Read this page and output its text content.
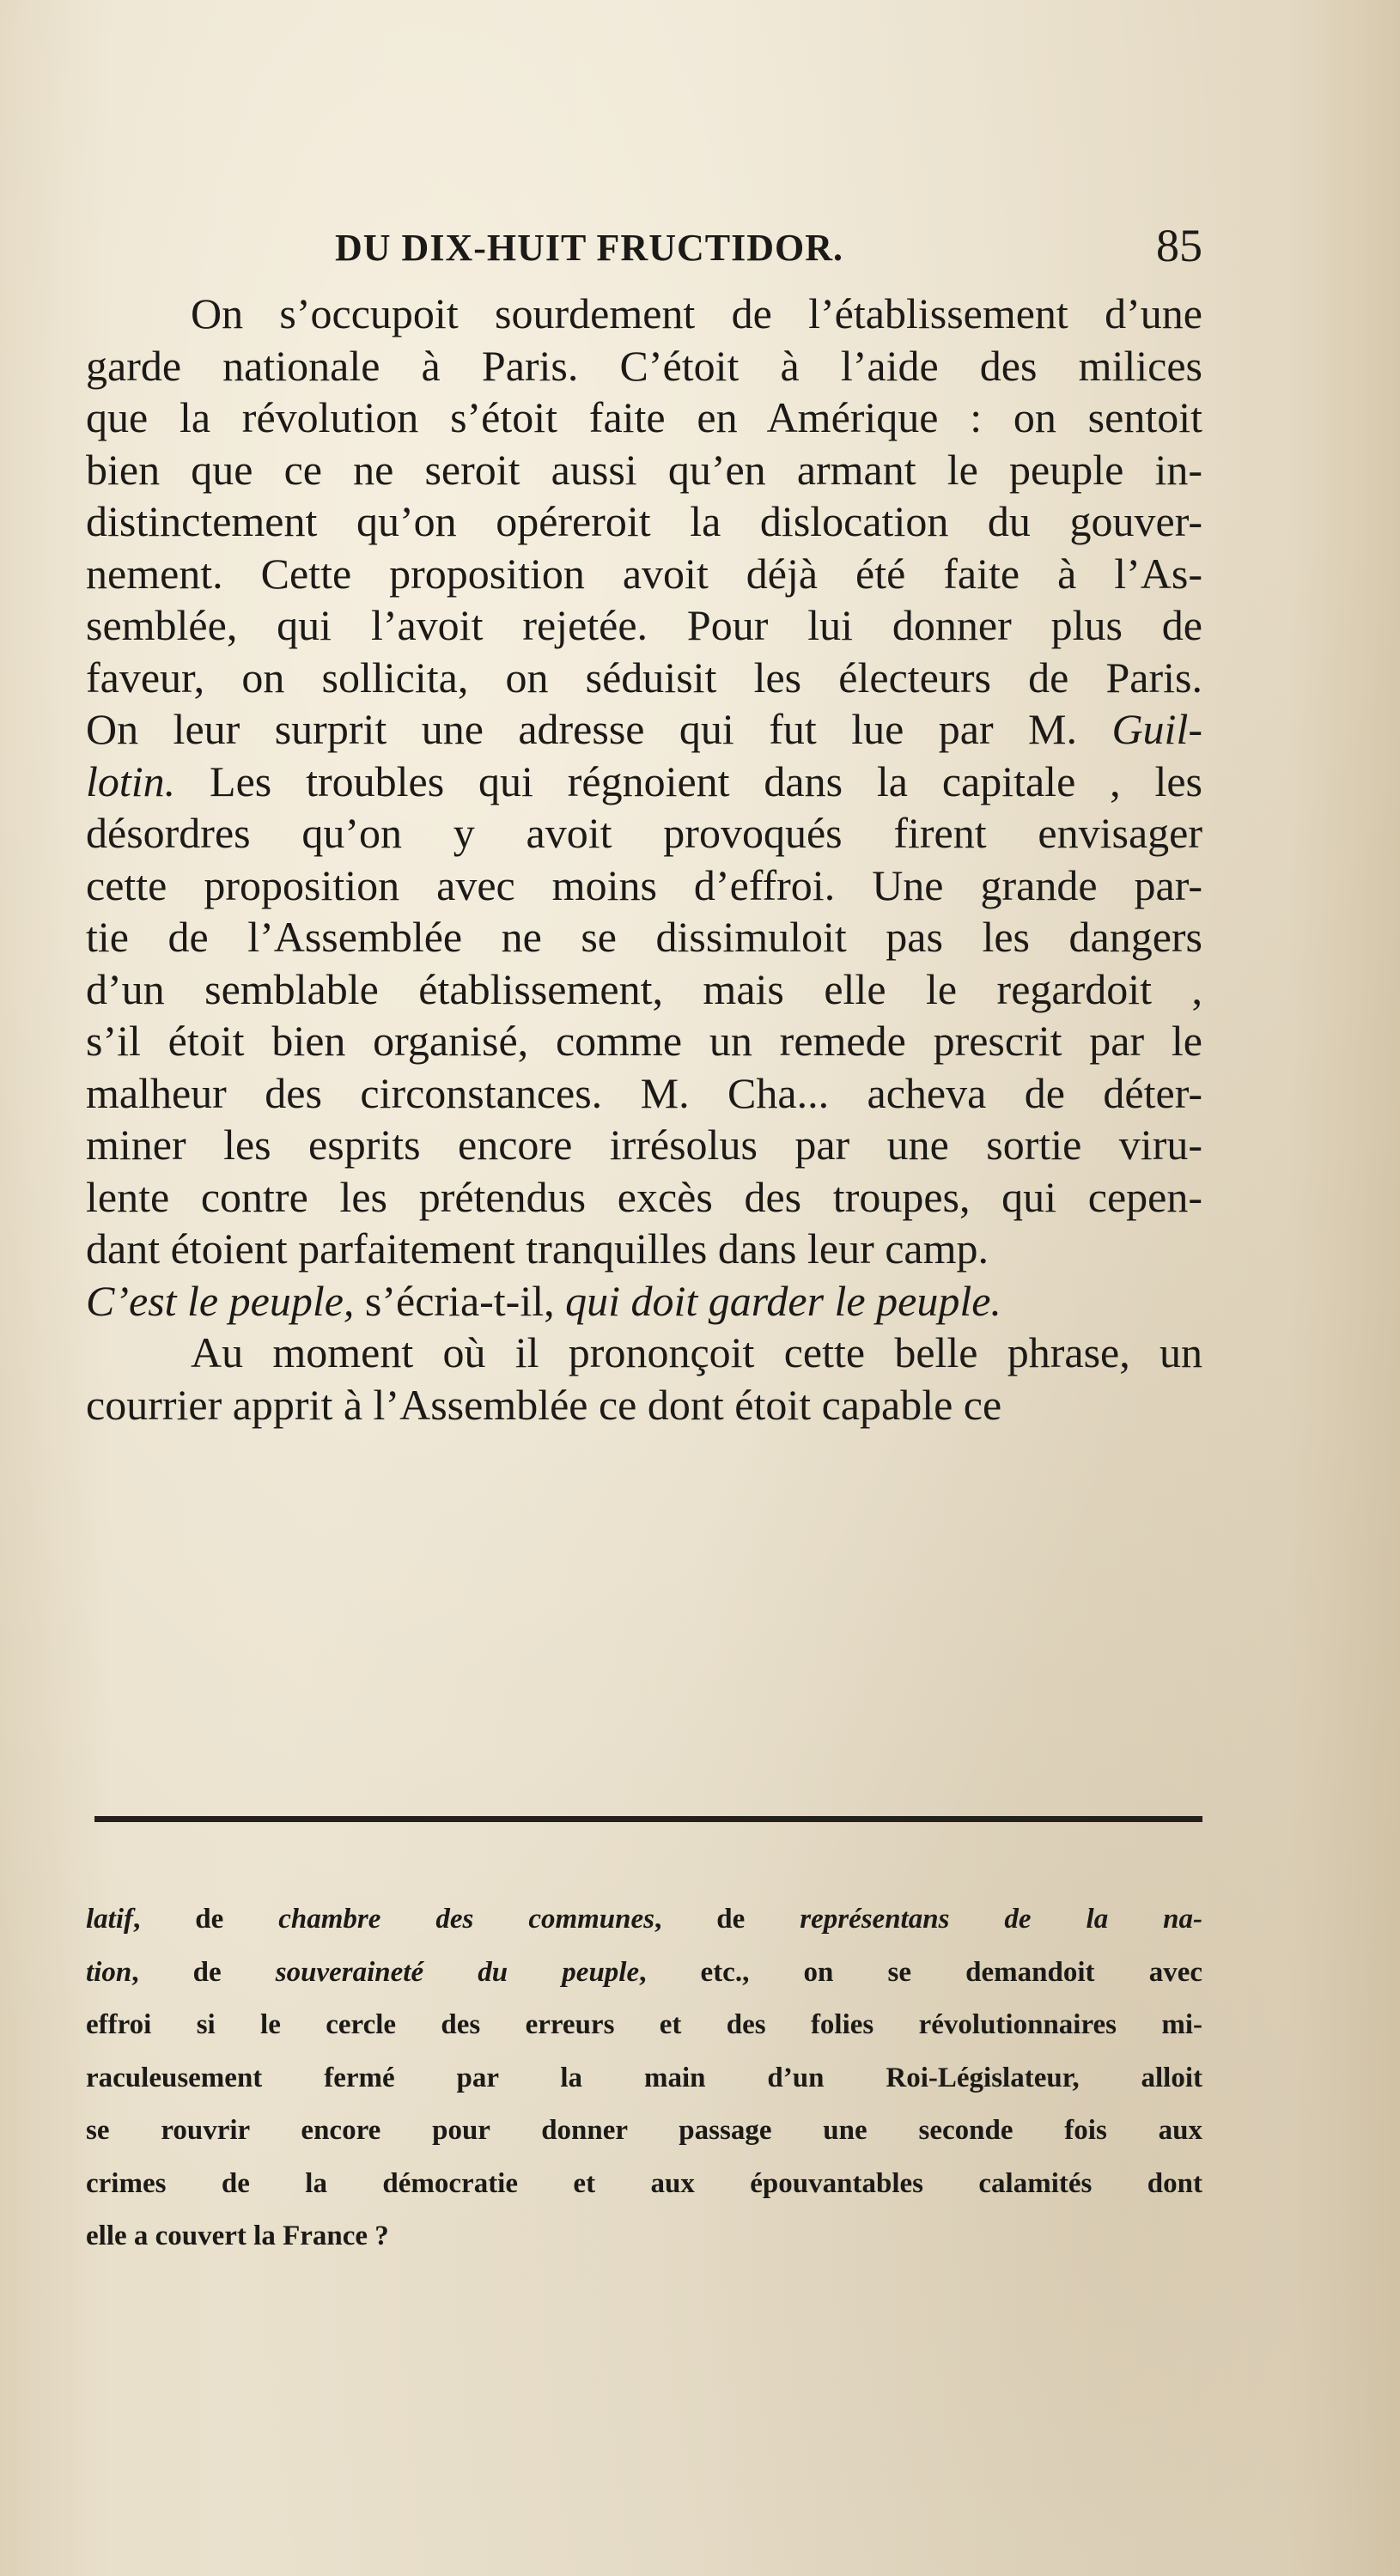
DU DIX-HUIT FRUCTIDOR.	85
On s’occupoit sourdement de l’établissement d’une
garde nationale à Paris. C’étoit à l’aide des milices
que la révolution s’étoit faite en Amérique : on sentoit
bien que ce ne seroit aussi qu’en armant le peuple in-
distinctement qu’on opéreroit la dislocation du gouver-
nement. Cette proposition avoit déjà été faite à l’As-
semblée, qui l’avoit rejetée. Pour lui donner plus de
faveur, on sollicita, on séduisit les électeurs de Paris.
On leur surprit une adresse qui fut lue par M. Guil-
lotin. Les troubles qui régnoient dans la capitale , les
désordres qu’on y avoit provoqués firent envisager
cette proposition avec moins d’effroi. Une grande par-
tie de l’Assemblée ne se dissimuloit pas les dangers
d’un semblable établissement, mais elle le regardoit ,
s’il étoit bien organisé, comme un remede prescrit par le
malheur des circonstances. M. Cha... acheva de déter-
miner les esprits encore irrésolus par une sortie viru-
lente contre les prétendus excès des troupes, qui cepen-
dant étoient parfaitement tranquilles dans leur camp.
C’est le peuple, s’écria-t-il, qui doit garder le peuple.
Au moment où il prononçoit cette belle phrase, un
courrier apprit à l’Assemblée ce dont étoit capable ce
latif, de chambre des communes, de représentans de la na-
tion, de souveraineté du peuple, etc., on se demandoit avec
effroi si le cercle des erreurs et des folies révolutionnaires mi-
raculeusement fermé par la main d’un Roi-Législateur, alloit
se rouvrir encore pour donner passage une seconde fois aux
crimes de la démocratie et aux épouvantables calamités dont
elle a couvert la France ?
